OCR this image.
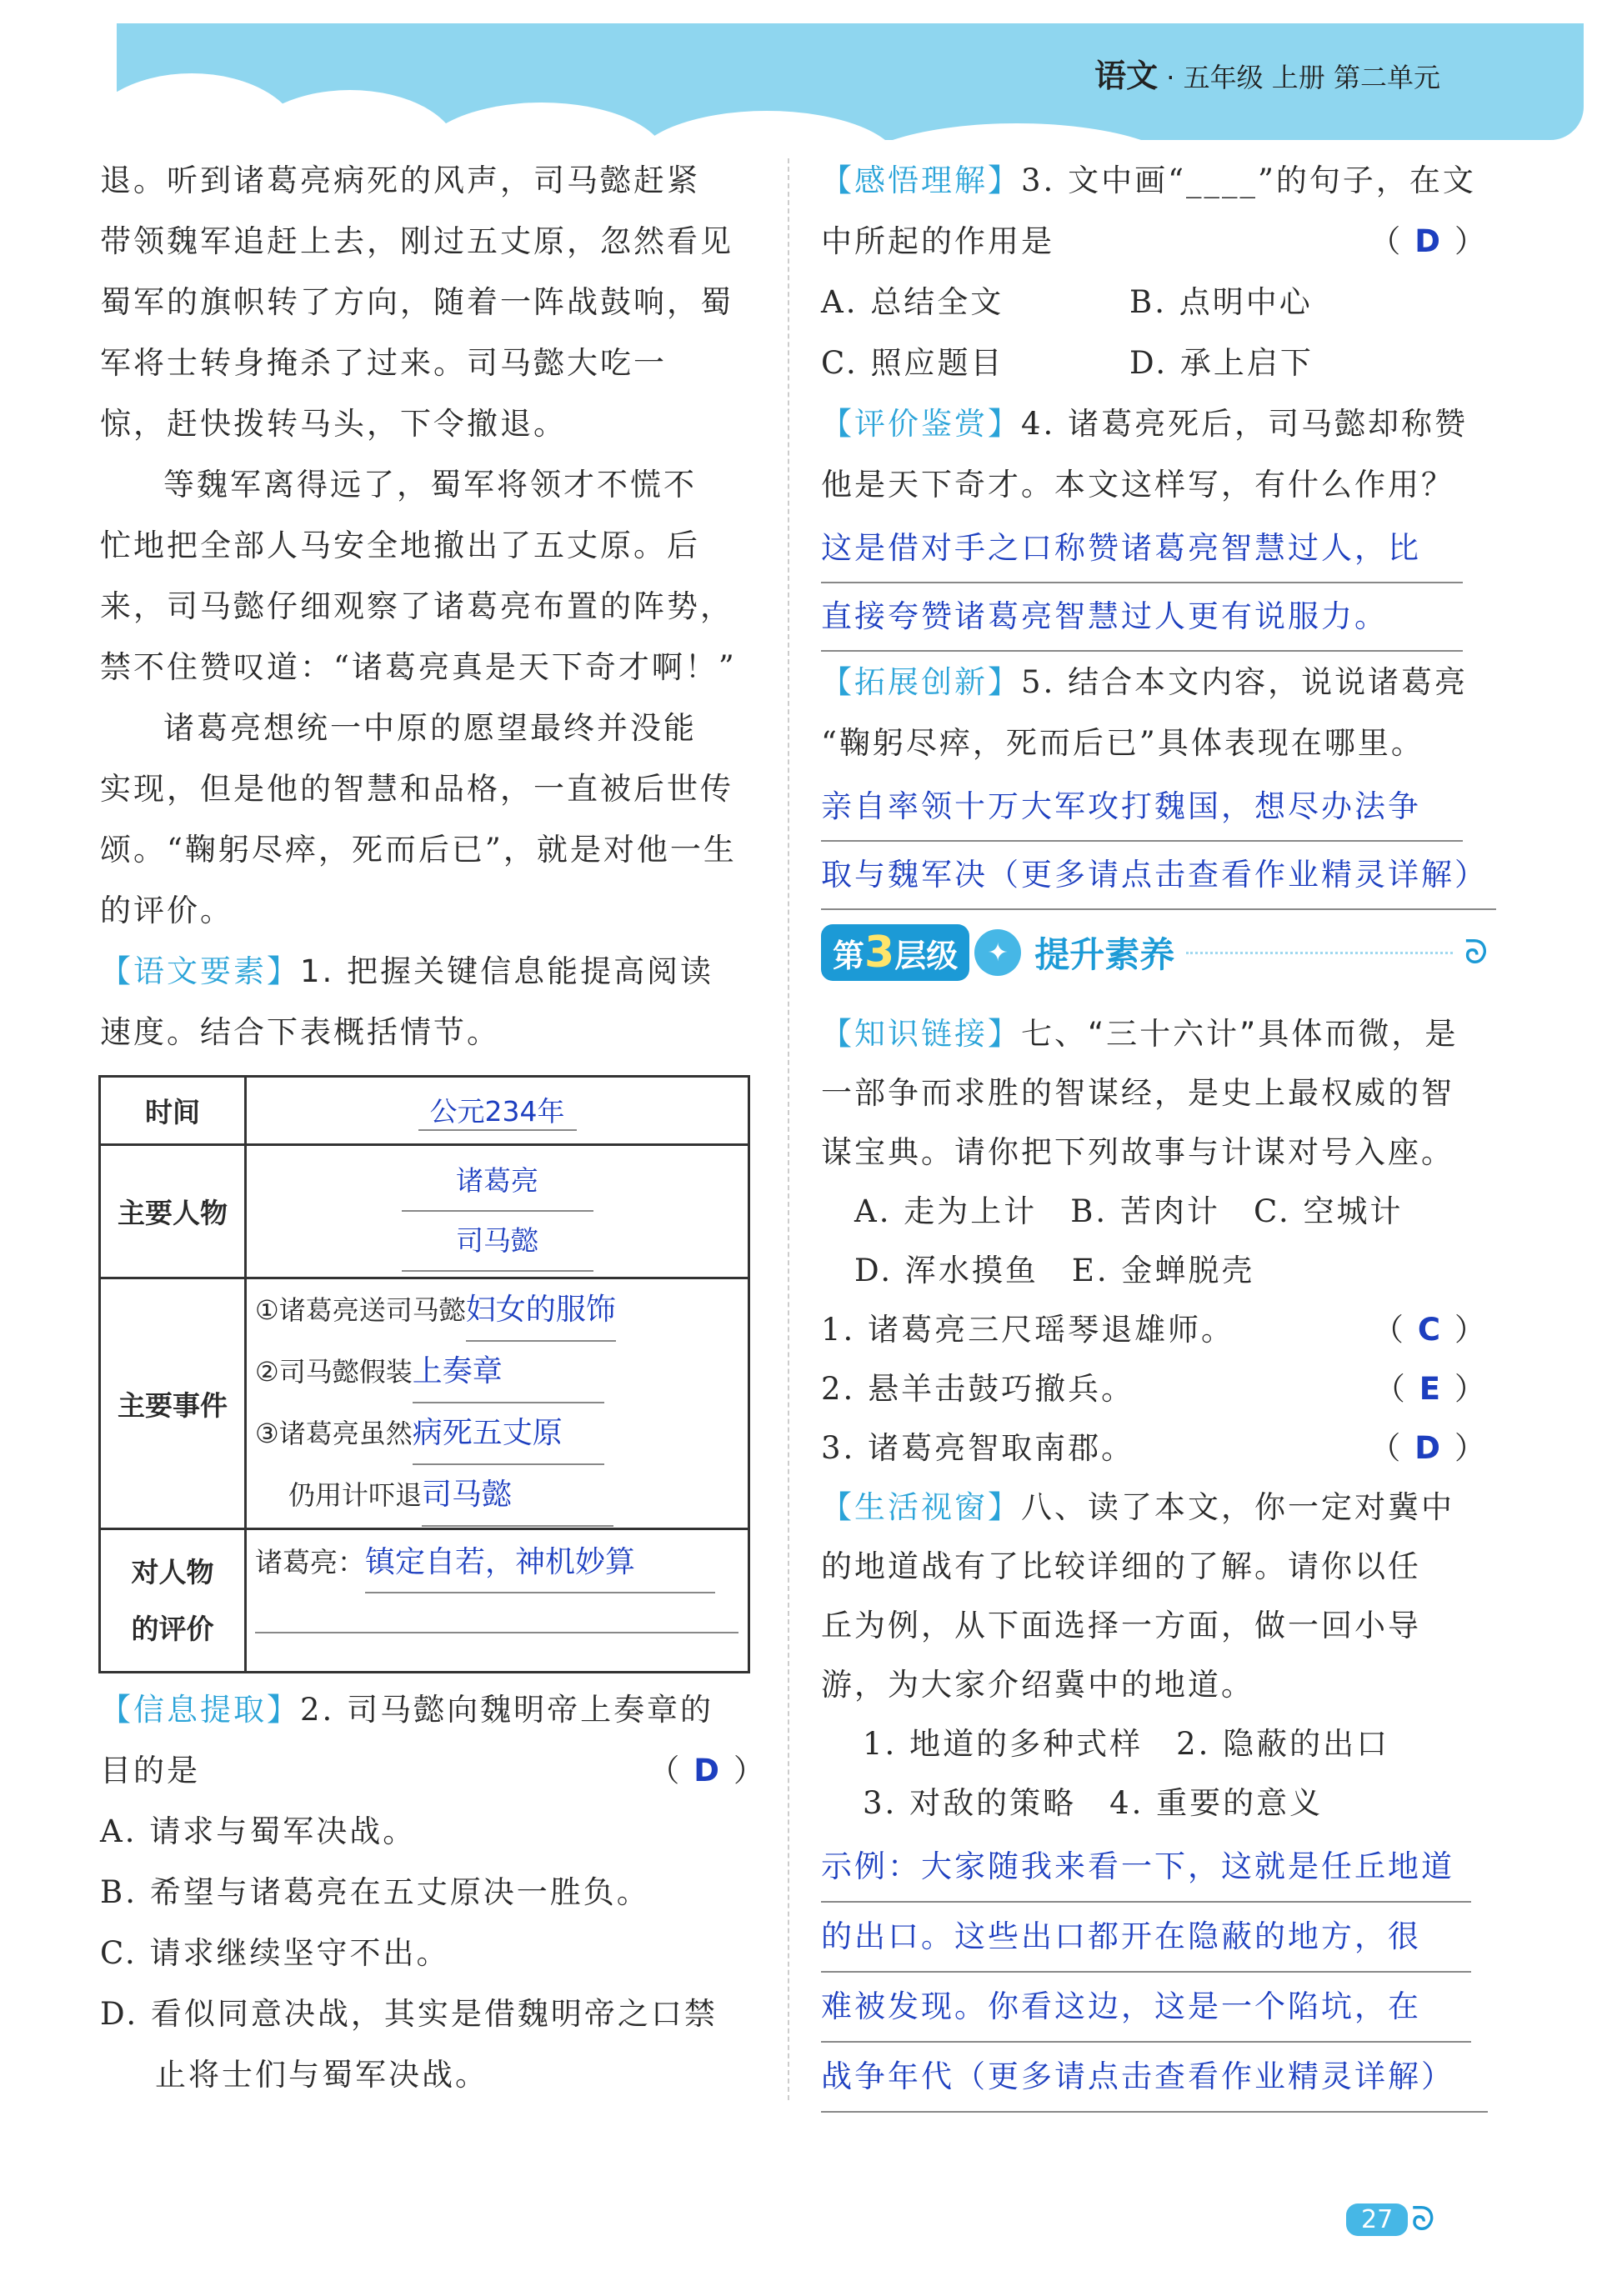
语文 · 五年级 上册 第二单元
退。听到诸葛亮病死的风声，司马懿赶紧
带领魏军追赶上去，刚过五丈原，忽然看见
蜀军的旗帜转了方向，随着一阵战鼓响，蜀
军将士转身掩杀了过来。司马懿大吃一
惊，赶快拨转马头，下令撤退。
等魏军离得远了，蜀军将领才不慌不
忙地把全部人马安全地撤出了五丈原。后
来，司马懿仔细观察了诸葛亮布置的阵势，
禁不住赞叹道：“诸葛亮真是天下奇才啊！”
诸葛亮想统一中原的愿望最终并没能
实现，但是他的智慧和品格，一直被后世传
颂。“鞠躬尽瘁，死而后已”，就是对他一生
的评价。
【语文要素】1. 把握关键信息能提高阅读
速度。结合下表概括情节。
时间	公元234年
主要人物	诸葛亮
司马懿

主要事件	①诸葛亮送司马懿妇女的服饰
②司马懿假装上奏章
③诸葛亮虽然病死五丈原
仍用计吓退司马懿

对人物
的评价	诸葛亮：镇定自若，神机妙算
【信息提取】2. 司马懿向魏明帝上奏章的
目的是	（ D ）
A. 请求与蜀军决战。
B. 希望与诸葛亮在五丈原决一胜负。
C. 请求继续坚守不出。
D. 看似同意决战，其实是借魏明帝之口禁
止将士们与蜀军决战。
【感悟理解】3. 文中画“____”的句子，在文
中所起的作用是	（ D ）
A. 总结全文	B. 点明中心
C. 照应题目	D. 承上启下
【评价鉴赏】4. 诸葛亮死后，司马懿却称赞
他是天下奇才。本文这样写，有什么作用？
这是借对手之口称赞诸葛亮智慧过人，比
直接夸赞诸葛亮智慧过人更有说服力。
【拓展创新】5. 结合本文内容，说说诸葛亮
“鞠躬尽瘁，死而后已”具体表现在哪里。
亲自率领十万大军攻打魏国，想尽办法争
取与魏军决（更多请点击查看作业精灵详解）
第 3 层级	✦ 提升素养	ᘐ
【知识链接】七、“三十六计”具体而微，是
一部争而求胜的智谋经，是史上最权威的智
谋宝典。请你把下列故事与计谋对号入座。
A. 走为上计　B. 苦肉计　C. 空城计
D. 浑水摸鱼　E. 金蝉脱壳
1. 诸葛亮三尺瑶琴退雄师。	（ C ）
2. 悬羊击鼓巧撤兵。	（ E ）
3. 诸葛亮智取南郡。	（ D ）
【生活视窗】八、读了本文，你一定对冀中
的地道战有了比较详细的了解。请你以任
丘为例，从下面选择一方面，做一回小导
游，为大家介绍冀中的地道。
1. 地道的多种式样　2. 隐蔽的出口
3. 对敌的策略　4. 重要的意义
示例：大家随我来看一下，这就是任丘地道
的出口。这些出口都开在隐蔽的地方，很
难被发现。你看这边，这是一个陷坑，在
战争年代（更多请点击查看作业精灵详解）
27 ᘐ
